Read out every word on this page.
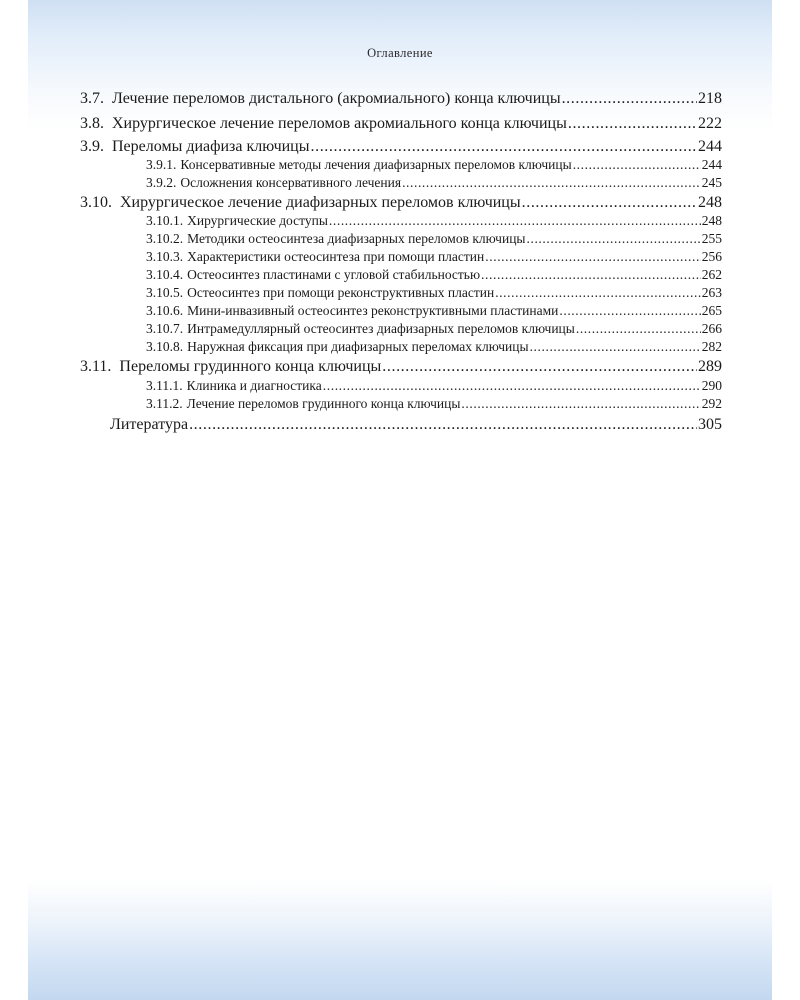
Оглавление
3.7. Лечение переломов дистального (акромиального) конца ключицы .....	218
3.8. Хирургическое лечение переломов акромиального конца ключицы .....	222
3.9. Переломы диафиза ключицы .....	244
3.9.1. Консервативные методы лечения диафизарных переломов ключицы .....	244
3.9.2. Осложнения консервативного лечения .....	245
3.10. Хирургическое лечение диафизарных переломов ключицы .....	248
3.10.1. Хирургические доступы .....	248
3.10.2. Методики остеосинтеза диафизарных переломов ключицы .....	255
3.10.3. Характеристики остеосинтеза при помощи пластин .....	256
3.10.4. Остеосинтез пластинами с угловой стабильностью .....	262
3.10.5. Остеосинтез при помощи реконструктивных пластин .....	263
3.10.6. Мини-инвазивный остеосинтез реконструктивными пластинами .....	265
3.10.7. Интрамедуллярный остеосинтез диафизарных переломов ключицы .....	266
3.10.8. Наружная фиксация при диафизарных переломах ключицы .....	282
3.11. Переломы грудинного конца ключицы .....	289
3.11.1. Клиника и диагностика .....	290
3.11.2. Лечение переломов грудинного конца ключицы .....	292
Литература .....	305
